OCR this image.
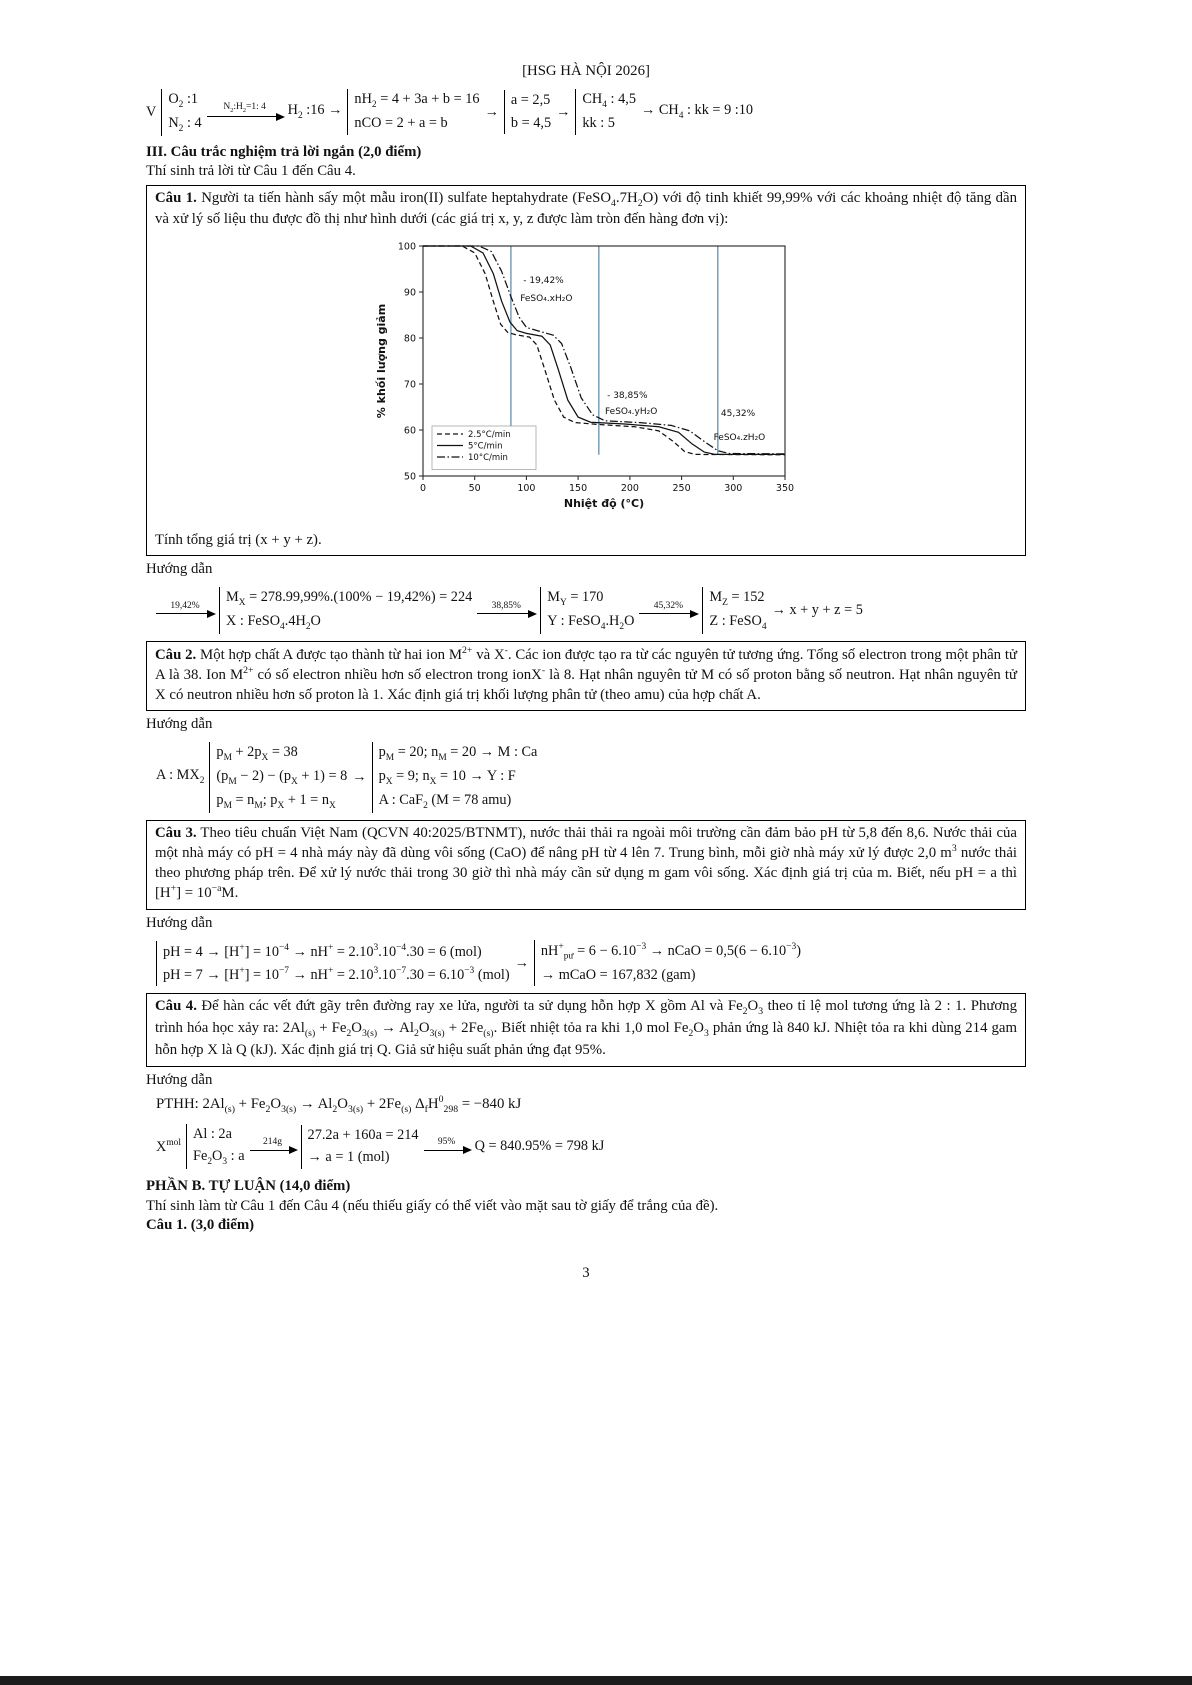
[HSG HÀ NỘI 2026]
V
$O_2$ :1
$N_2$ : 4
$N_2:H_2=1$: 4 $H_2$ :16 →
$nH_2 = 4 + 3a + b = 16$
nCO = 2 + a = b
→
a = 2,5
b = 4,5
→
$CH_4$ : 4,5
kk : 5
→ $CH_4$ : kk = 9 :10
III. Câu trắc nghiệm trả lời ngắn (2,0 điểm)
Thí sinh trả lời từ Câu 1 đến Câu 4.
Câu 1. Người ta tiến hành sấy một mẫu iron(II) sulfate heptahydrate $(FeSO_4.7H_2O)$ với độ tinh khiết 99,99% với các khoảng nhiệt độ tăng dần và xử lý số liệu thu được đồ thị như hình dưới (các giá trị x, y, z được làm tròn đến hàng đơn vị):
50
60
70
80
90
100
0	50	100	150	200	250	300	350
- 19,42%
FeSO₄.xH₂O
- 38,85%
FeSO₄.yH₂O	45,32%
FeSO₄.zH₂O
2.5°C/min
5°C/min
10°C/min
Nhiệt độ (°C)
% khối lượng giảm
Tính tổng giá trị (x + y + z).
Hướng dẫn
19,42%
$M_X = 278.99,99\%.(100\% - 19,42\%) = 224$
X : $FeSO_4.4H_2O$
38,85%
$M_Y = 170$
Y : $FeSO_4.H_2O$
45,32%
$M_Z = 152$
Z : FeSO$_4$
→ x + y + z = 5
Câu 2. Một hợp chất A được tạo thành từ hai ion $M^{2+}$ và X-. Các ion được tạo ra từ các nguyên tử tương ứng. Tổng số electron trong một phân tử A là 38. Ion $M^{2+}$ có số electron nhiều hơn số electron trong ionX- là 8. Hạt nhân nguyên tử M có số proton bằng số neutron. Hạt nhân nguyên tử X có neutron nhiều hơn số proton là 1. Xác định giá trị khối lượng phân tử (theo amu) của hợp chất A.
Hướng dẫn
A : $MX_2$
$p_M + 2p_X = 38$
$(p_M - 2) - (p_X + 1) = 8$
$p_M = n_M$; $p_X + 1 = n_X$
→
$p_M = 20$; $n_M = 20 \to M$ : Ca
$p_X = 9$; $n_X = 10 \to Y$ : F
A : CaF$_2$ (M = 78 amu)
Câu 3. Theo tiêu chuẩn Việt Nam (QCVN 40:2025/BTNMT), nước thải thải ra ngoài môi trường cần đảm bảo pH từ 5,8 đến 8,6. Nước thải của một nhà máy có pH = 4 nhà máy này đã dùng vôi sống (CaO) để nâng pH từ 4 lên 7. Trung bình, mỗi giờ nhà máy xử lý được 2,0 $m^3$ nước thải theo phương pháp trên. Để xử lý nước thải trong 30 giờ thì nhà máy cần sử dụng m gam vôi sống. Xác định giá trị của m. Biết, nếu pH = a thì $[H^+] = 10^{-a}M$.
Hướng dẫn
pH = $4 \to [H^+] = 10^{-4} \to nH^+ = 2.10^3.10^{-4}.30 = 6$ (mol)
pH = $7 \to [H^+] = 10^{-7} \to nH^+ = 2.10^3.10^{-7}.30 = 6.10^{-3}$ (mol)
→
$nH^+_{pư} = 6 - 6.10^{-3}$ → nCaO = $0,5(6 - 6.10^{-3})$
→ mCaO = 167,832 (gam)
Câu 4. Để hàn các vết đứt gãy trên đường ray xe lửa, người ta sử dụng hỗn hợp X gồm Al và $Fe_2O_3$ theo tỉ lệ mol tương ứng là 2 : 1. Phương trình hóa học xảy ra: $2Al_{(s)} + Fe_2O_{3(s)} \to Al_2O_{3(s)} + 2Fe_{(s)}$. Biết nhiệt tỏa ra khi 1,0 mol $Fe_2O_3$ phản ứng là 840 kJ. Nhiệt tỏa ra khi dùng 214 gam hỗn hợp X là Q (kJ). Xác định giá trị Q. Giả sử hiệu suất phản ứng đạt 95%.
Hướng dẫn
PTHH: $2Al_{(s)} + Fe_2O_{3(s)} \to Al_2O_{3(s)} + 2Fe_{(s)}$ $\Delta_fH^0_{298} = -840$ kJ
$X^{mol}$
Al : 2a
$Fe_2O_3$ : a
214g 27.2a + 160a = 214
→ a = 1 (mol)
95% Q = 840.95% = 798 kJ
PHẦN B. TỰ LUẬN (14,0 điểm)
Thí sinh làm từ Câu 1 đến Câu 4 (nếu thiếu giấy có thể viết vào mặt sau tờ giấy để trắng của đề).
Câu 1. (3,0 điểm)
3
